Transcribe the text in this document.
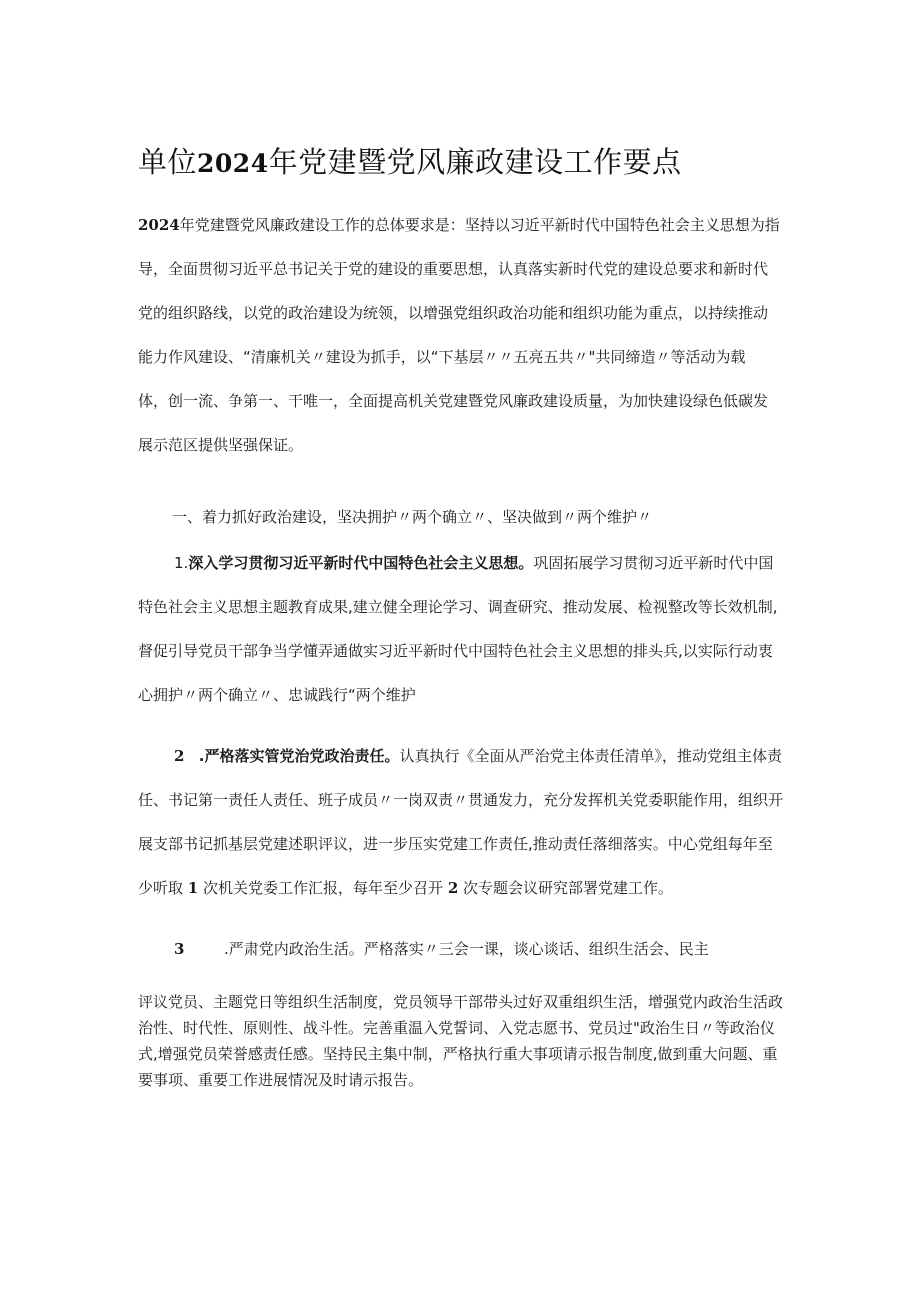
单位2024年党建暨党风廉政建设工作要点
2024年党建暨党风廉政建设工作的总体要求是：坚持以习近平新时代中国特色社会主义思想为指
导，全面贯彻习近平总书记关于党的建设的重要思想，认真落实新时代党的建设总要求和新时代
党的组织路线，以党的政治建设为统领，以增强党组织政治功能和组织功能为重点，以持续推动
能力作风建设、“清廉机关〃建设为抓手，以“下基层〃〃五亮五共〃"共同缔造〃等活动为载
体，创一流、争第一、干唯一，全面提高机关党建暨党风廉政建设质量，为加快建设绿色低碳发
展示范区提供坚强保证。
一、着力抓好政治建设，坚决拥护〃两个确立〃、坚决做到〃两个维护〃
1.深入学习贯彻习近平新时代中国特色社会主义思想。巩固拓展学习贯彻习近平新时代中国
特色社会主义思想主题教育成果,建立健全理论学习、调查研究、推动发展、检视整改等长效机制,
督促引导党员干部争当学懂弄通做实习近平新时代中国特色社会主义思想的排头兵,以实际行动衷
心拥护〃两个确立〃、忠诚践行“两个维护
2 .严格落实管党治党政治责任。认真执行《全面从严治党主体责任清单》，推动党组主体责
任、书记第一责任人责任、班子成员〃一岗双责〃贯通发力，充分发挥机关党委职能作用，组织开
展支部书记抓基层党建述职评议，进一步压实党建工作责任,推动责任落细落实。中心党组每年至
少听取 1 次机关党委工作汇报，每年至少召开 2 次专题会议研究部署党建工作。
3	.严肃党内政治生活。严格落实〃三会一课，谈心谈话、组织生活会、民主
评议党员、主题党日等组织生活制度，党员领导干部带头过好双重组织生活，增强党内政治生活政
治性、时代性、原则性、战斗性。完善重温入党誓词、入党志愿书、党员过"政治生日〃等政治仪
式,增强党员荣誉感责任感。坚持民主集中制，严格执行重大事项请示报告制度,做到重大问题、重
要事项、重要工作进展情况及时请示报告。
